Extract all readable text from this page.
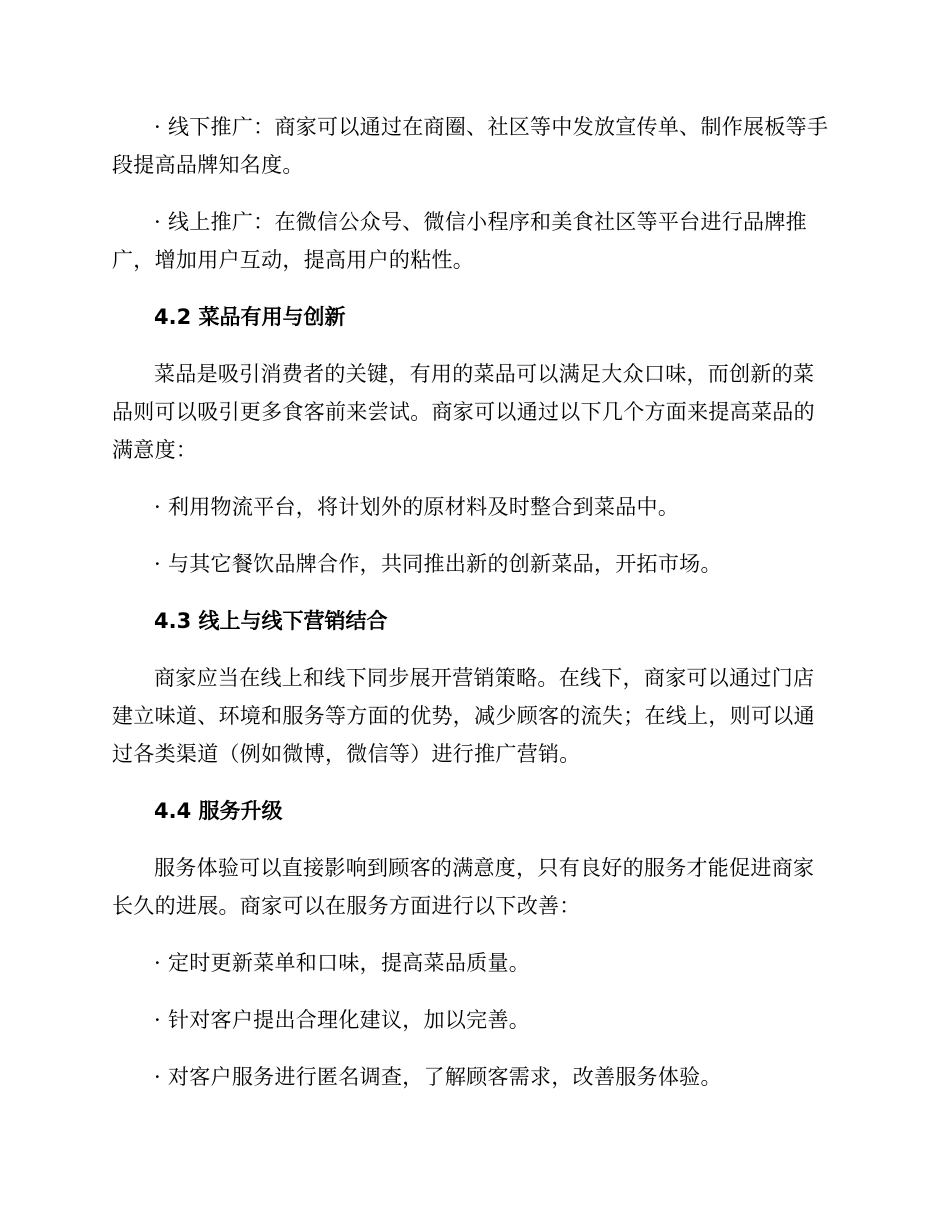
· 线下推广：商家可以通过在商圈、社区等中发放宣传单、制作展板等手段提高品牌知名度。

· 线上推广：在微信公众号、微信小程序和美食社区等平台进行品牌推广，增加用户互动，提高用户的粘性。

4.2 菜品有用与创新

菜品是吸引消费者的关键，有用的菜品可以满足大众口味，而创新的菜品则可以吸引更多食客前来尝试。商家可以通过以下几个方面来提高菜品的满意度：

· 利用物流平台，将计划外的原材料及时整合到菜品中。

· 与其它餐饮品牌合作，共同推出新的创新菜品，开拓市场。

4.3 线上与线下营销结合

商家应当在线上和线下同步展开营销策略。在线下，商家可以通过门店建立味道、环境和服务等方面的优势，减少顾客的流失；在线上，则可以通过各类渠道（例如微博，微信等）进行推广营销。

4.4 服务升级

服务体验可以直接影响到顾客的满意度，只有良好的服务才能促进商家长久的进展。商家可以在服务方面进行以下改善：

· 定时更新菜单和口味，提高菜品质量。

· 针对客户提出合理化建议，加以完善。

· 对客户服务进行匿名调查，了解顾客需求，改善服务体验。
